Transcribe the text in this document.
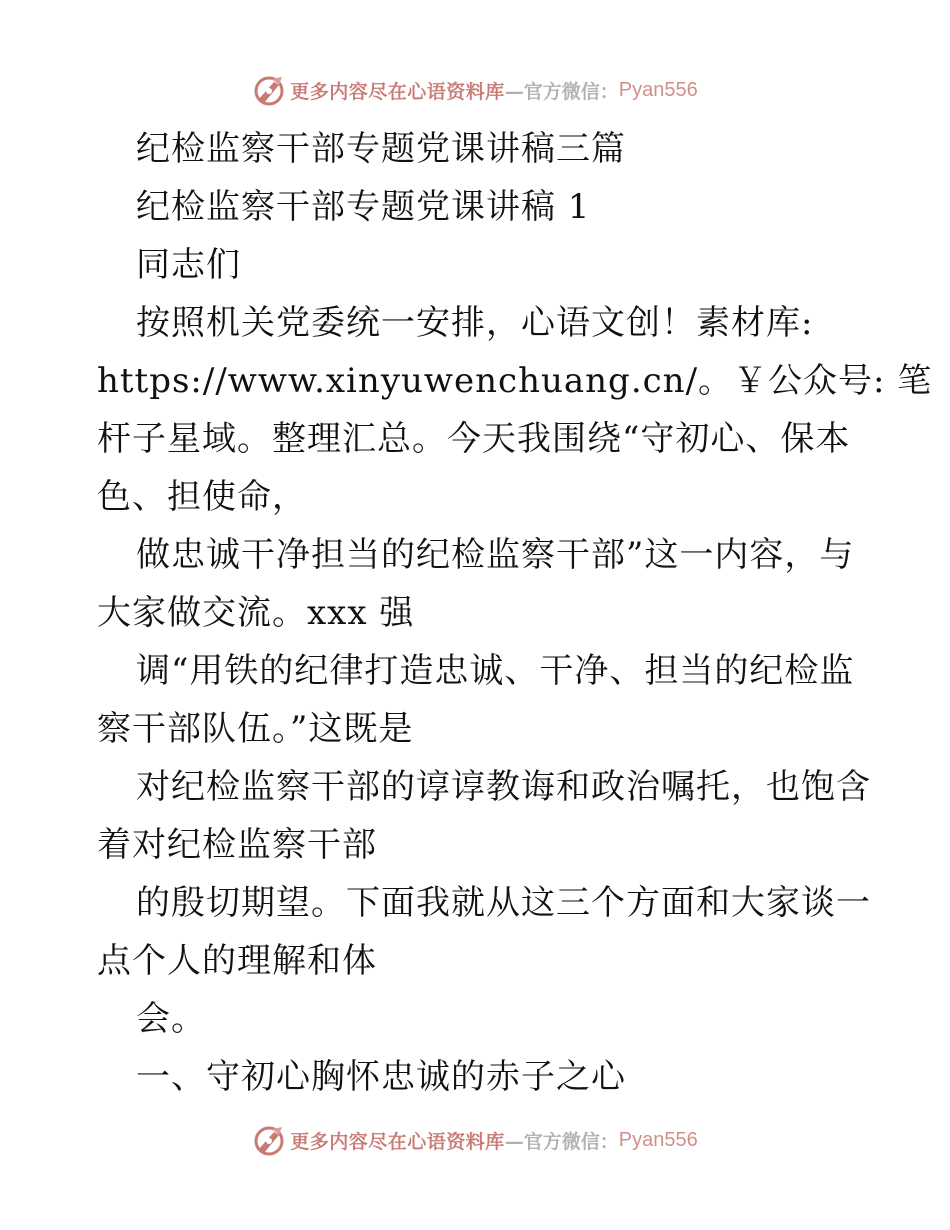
更多内容尽在心语资料库 —官方微信： Pyan556
纪检监察干部专题党课讲稿三篇
纪检监察干部专题党课讲稿 1
同志们
按照机关党委统一安排，心语文创！素材库:
https://www.xinyuwenchuang.cn/。￥公众号: 笔
杆子星域。整理汇总。今天我围绕“守初心、保本
色、担使命，
做忠诚干净担当的纪检监察干部”这一内容，与
大家做交流。xxx 强
调“用铁的纪律打造忠诚、干净、担当的纪检监
察干部队伍。”这既是
对纪检监察干部的谆谆教诲和政治嘱托，也饱含
着对纪检监察干部
的殷切期望。下面我就从这三个方面和大家谈一
点个人的理解和体
会。
一、守初心胸怀忠诚的赤子之心
更多内容尽在心语资料库 —官方微信： Pyan556
